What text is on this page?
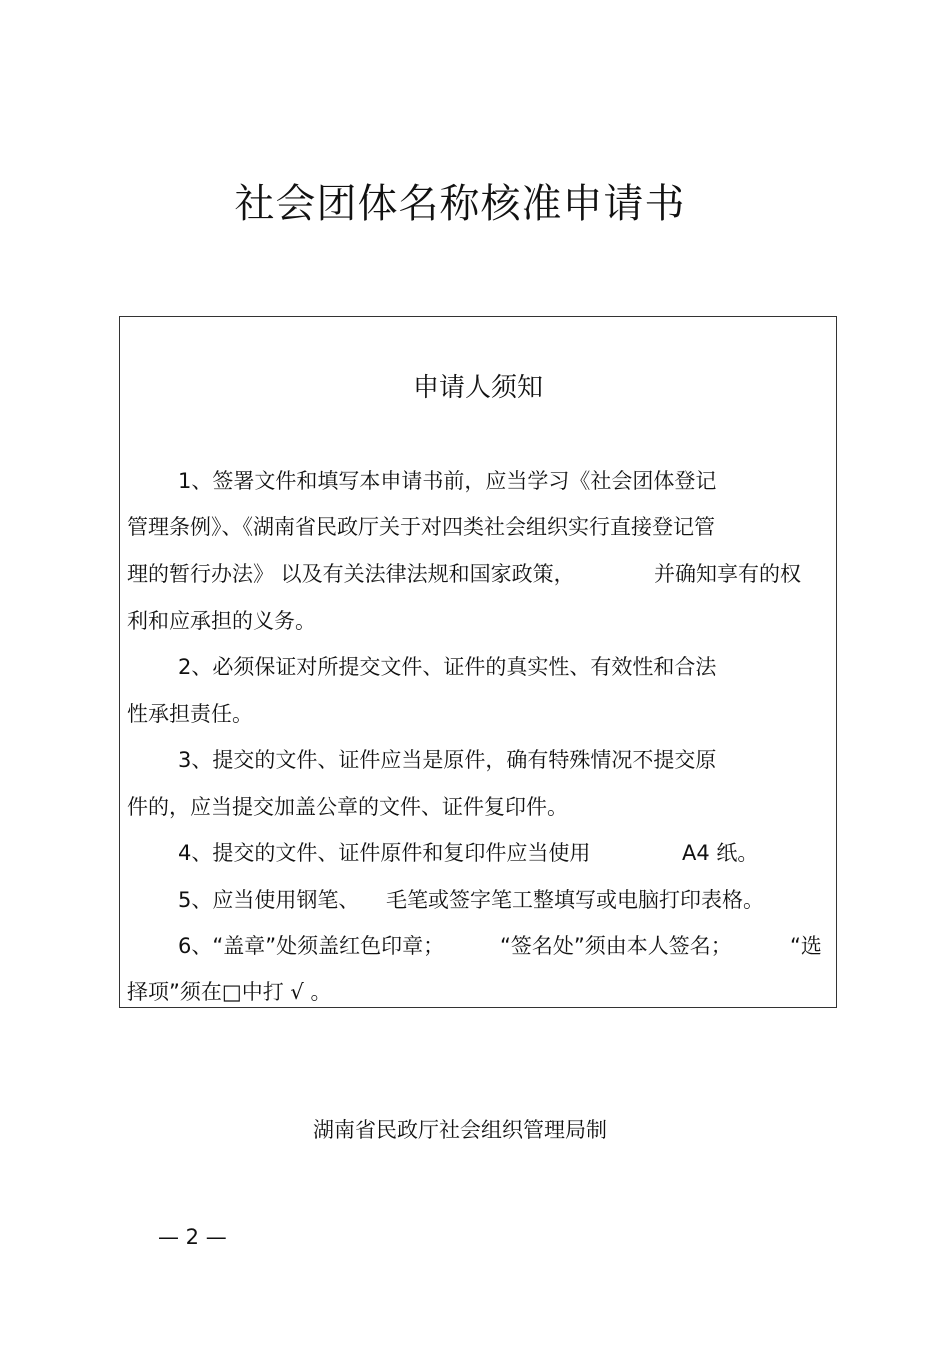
社会团体名称核准申请书
申请人须知
1、签署文件和填写本申请书前，应当学习《社会团体登记
管理条例》、《湖南省民政厅关于对四类社会组织实行直接登记管
理的暂行办法》 以及有关法律法规和国家政策，	并确知享有的权
利和应承担的义务。
2、必须保证对所提交文件、证件的真实性、有效性和合法
性承担责任。
3、提交的文件、证件应当是原件，确有特殊情况不提交原
件的，应当提交加盖公章的文件、证件复印件。
4、提交的文件、证件原件和复印件应当使用	A4 纸。
5、应当使用钢笔、 毛笔或签字笔工整填写或电脑打印表格。
6、“盖章”处须盖红色印章；	“签名处”须由本人签名；	“选
择项”须在□中打 √ 。
湖南省民政厅社会组织管理局制
— 2 —
